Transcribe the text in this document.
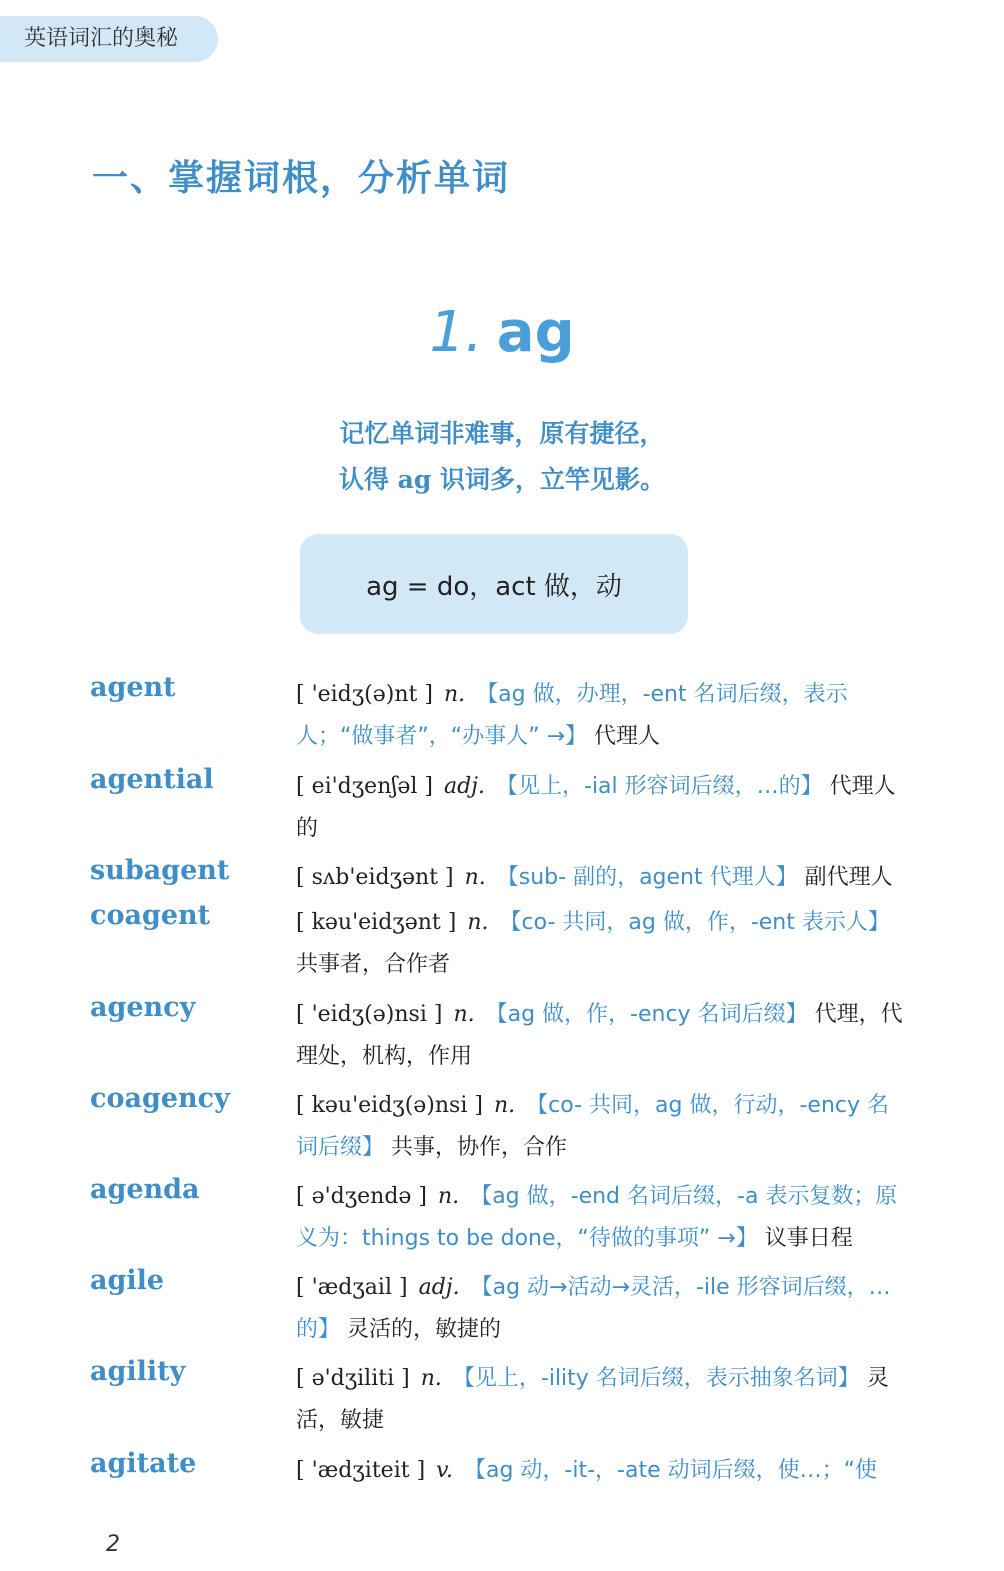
英语词汇的奥秘
一、掌握词根，分析单词
1. ag
记忆单词非难事，原有捷径，
认得 ag 识词多，立竿见影。
ag = do，act 做，动
agent	[ 'eidʒ(ə)nt ] n. 【ag 做，办理，-ent 名词后缀，表示人；“做事者”，“办事人” →】 代理人
agential	[ ei'dʒenʃəl ] adj. 【见上，-ial 形容词后缀，…的】 代理人的
subagent	[ sʌb'eidʒənt ] n. 【sub- 副的，agent 代理人】 副代理人
coagent	[ kəu'eidʒənt ] n. 【co- 共同，ag 做，作，-ent 表示人】 共事者，合作者
agency	[ 'eidʒ(ə)nsi ] n. 【ag 做，作，-ency 名词后缀】 代理，代理处，机构，作用
coagency	[ kəu'eidʒ(ə)nsi ] n. 【co- 共同，ag 做，行动，-ency 名词后缀】 共事，协作，合作
agenda	[ ə'dʒendə ] n. 【ag 做，-end 名词后缀，-a 表示复数；原义为：things to be done，“待做的事项” →】 议事日程
agile	[ 'ædʒail ] adj. 【ag 动→活动→灵活，-ile 形容词后缀，…的】 灵活的，敏捷的
agility	[ ə'dʒiliti ] n. 【见上，-ility 名词后缀，表示抽象名词】 灵活，敏捷
agitate	[ 'ædʒiteit ] v. 【ag 动，-it-，-ate 动词后缀，使…；“使
2
